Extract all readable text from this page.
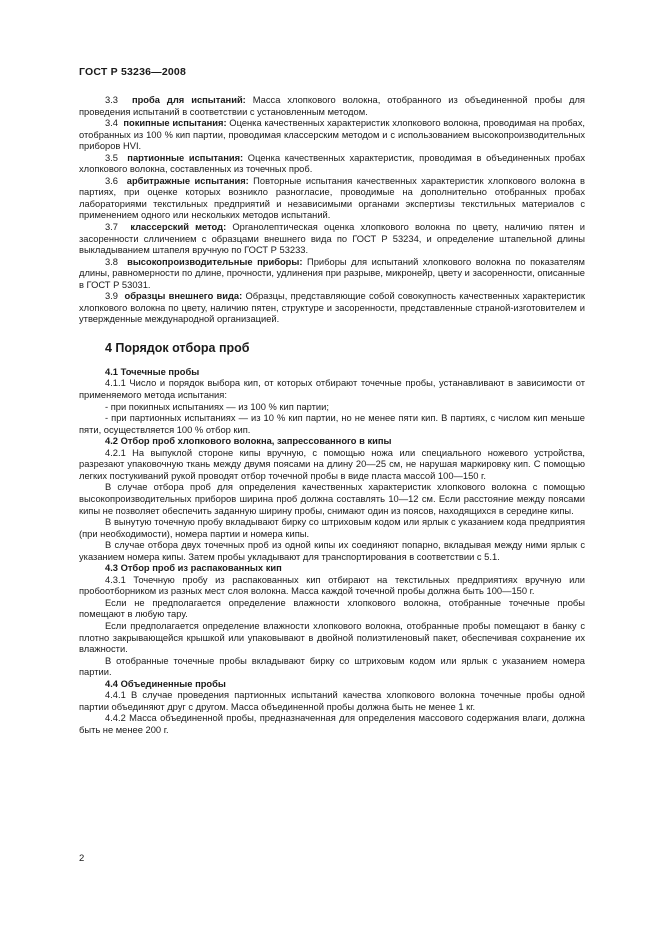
ГОСТ Р 53236—2008

3.3 проба для испытаний: Масса хлопкового волокна, отобранного из объединенной пробы для проведения испытаний в соответствии с установленным методом.

3.4 покипные испытания: Оценка качественных характеристик хлопкового волокна, проводимая на пробах, отобранных из 100 % кип партии, проводимая классерским методом и с использованием высокопроизводительных приборов HVI.

3.5 партионные испытания: Оценка качественных характеристик, проводимая в объединенных пробах хлопкового волокна, составленных из точечных проб.

3.6 арбитражные испытания: Повторные испытания качественных характеристик хлопкового волокна в партиях, при оценке которых возникло разногласие, проводимые на дополнительно отобранных пробах лабораториями текстильных предприятий и независимыми органами экспертизы текстильных материалов с применением одного или нескольких методов испытаний.

3.7 классерский метод: Органолептическая оценка хлопкового волокна по цвету, наличию пятен и засоренности слличением с образцами внешнего вида по ГОСТ Р 53234, и определение штапельной длины выкладыванием штапеля вручную по ГОСТ Р 53233.

3.8 высокопроизводительные приборы: Приборы для испытаний хлопкового волокна по показателям длины, равномерности по длине, прочности, удлинения при разрыве, микронейр, цвету и засоренности, описанные в ГОСТ Р 53031.

3.9 образцы внешнего вида: Образцы, представляющие собой совокупность качественных характеристик хлопкового волокна по цвету, наличию пятен, структуре и засоренности, представленные страной-изготовителем и утвержденные международной организацией.

4 Порядок отбора проб

4.1 Точечные пробы

4.1.1 Число и порядок выбора кип, от которых отбирают точечные пробы, устанавливают в зависимости от применяемого метода испытания:

- при покипных испытаниях — из 100 % кип партии;

- при партионных испытаниях — из 10 % кип партии, но не менее пяти кип. В партиях, с числом кип меньше пяти, осуществляется 100 % отбор кип.

4.2 Отбор проб хлопкового волокна, запрессованного в кипы

4.2.1 На выпуклой стороне кипы вручную, с помощью ножа или специального ножевого устройства, разрезают упаковочную ткань между двумя поясами на длину 20—25 см, не нарушая маркировку кип. С помощью легких постукиваний рукой проводят отбор точечной пробы в виде пласта массой 100—150 г.

В случае отбора проб для определения качественных характеристик хлопкового волокна с помощью высокопроизводительных приборов ширина проб должна составлять 10—12 см. Если расстояние между поясами кипы не позволяет обеспечить заданную ширину пробы, снимают один из поясов, находящихся в середине кипы.

В вынутую точечную пробу вкладывают бирку со штриховым кодом или ярлык с указанием кода предприятия (при необходимости), номера партии и номера кипы.

В случае отбора двух точечных проб из одной кипы их соединяют попарно, вкладывая между ними ярлык с указанием номера кипы. Затем пробы укладывают для транспортирования в соответствии с 5.1.

4.3 Отбор проб из распакованных кип

4.3.1 Точечную пробу из распакованных кип отбирают на текстильных предприятиях вручную или пробоотборником из разных мест слоя волокна. Масса каждой точечной пробы должна быть 100—150 г.

Если не предполагается определение влажности хлопкового волокна, отобранные точечные пробы помещают в любую тару.

Если предполагается определение влажности хлопкового волокна, отобранные пробы помещают в банку с плотно закрывающейся крышкой или упаковывают в двойной полиэтиленовый пакет, обеспечивая сохранение их влажности.

В отобранные точечные пробы вкладывают бирку со штриховым кодом или ярлык с указанием номера партии.

4.4 Объединенные пробы

4.4.1 В случае проведения партионных испытаний качества хлопкового волокна точечные пробы одной партии объединяют друг с другом. Масса объединенной пробы должна быть не менее 1 кг.

4.4.2 Масса объединенной пробы, предназначенная для определения массового содержания влаги, должна быть не менее 200 г.

2
